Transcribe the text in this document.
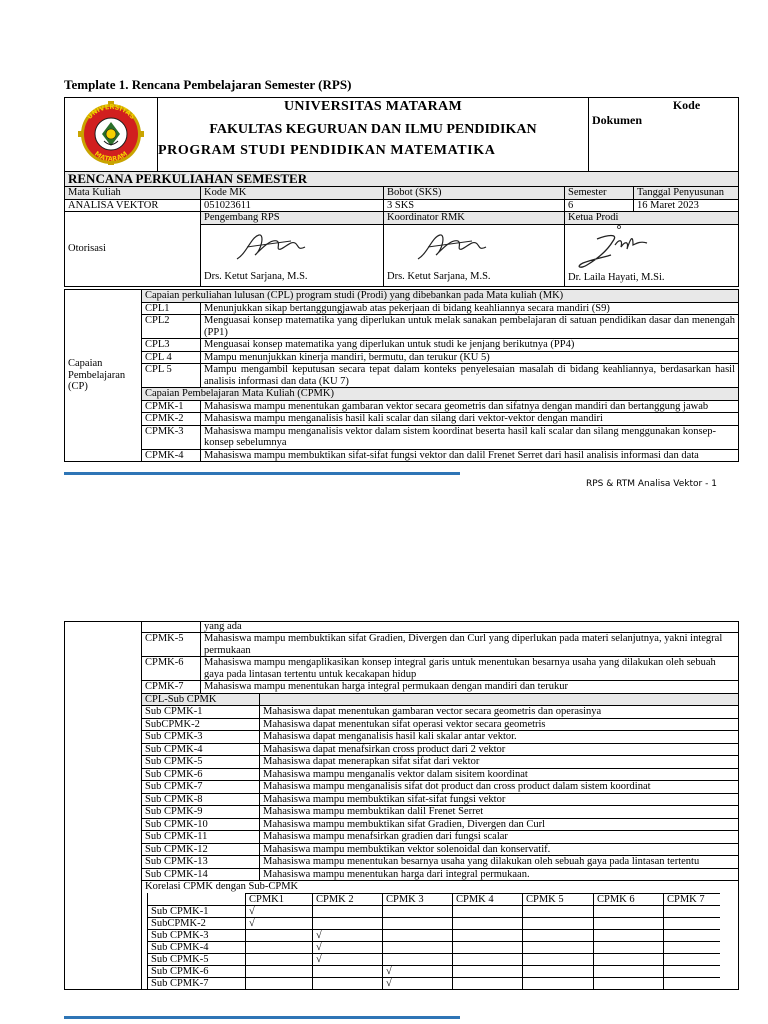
Template 1. Rencana Pembelajaran Semester (RPS)
UNIVERSITAS
MATARAM

UNIVERSITAS MATARAM
FAKULTAS KEGURUAN DAN ILMU PENDIDIKAN
PROGRAM STUDI PENDIDIKAN MATEMATIKA

Kode
Dokumen
RENCANA PERKULIAHAN SEMESTER					
Mata Kuliah	Kode MK	Bobot (SKS)	Semester	Tanggal Penyusunan	
ANALISA VEKTOR	051023611	3 SKS	6	16 Maret 2023	
Otorisasi	Pengembang RPS	Koordinator RMK	Ketua Prodi		

	Drs. Ketut Sarjana, M.S.	Drs. Ketut Sarjana, M.S.	Dr. Laila Hayati, M.Si.		

Capaian
Pembelajaran
(CP)	Capaian perkuliahan lulusan (CPL) program studi (Prodi) yang dibebankan pada Mata kuliah (MK)	
	CPL1	Menunjukkan sikap bertanggungjawab atas pekerjaan di bidang keahliannya secara mandiri (S9)
	CPL2	Menguasai konsep matematika yang diperlukan untuk melak sanakan pembelajaran di satuan pendidikan dasar dan menengah (PP1)
	CPL3	Menguasai konsep matematika yang diperlukan untuk studi ke jenjang berikutnya (PP4)
	CPL 4	Mampu menunjukkan kinerja mandiri, bermutu, dan terukur (KU 5)
	CPL 5	Mampu mengambil keputusan secara tepat dalam konteks penyelesaian masalah di bidang keahliannya, berdasarkan hasil analisis informasi dan data (KU 7)
	Capaian Pembelajaran Mata Kuliah (CPMK)	
	CPMK-1	Mahasiswa mampu menentukan gambaran vektor secara geometris dan sifatnya dengan mandiri dan bertanggung jawab
	CPMK-2	Mahasiswa mampu menganalisis hasil kali scalar dan silang dari vektor-vektor dengan mandiri
	CPMK-3	Mahasiswa mampu menganalisis vektor dalam sistem koordinat beserta hasil kali scalar dan silang menggunakan konsep-konsep sebelumnya
	CPMK-4	Mahasiswa mampu membuktikan sifat-sifat fungsi vektor dan dalil Frenet Serret dari hasil analisis informasi dan data
RPS & RTM Analisa Vektor - 1
		yang ada
CPMK-5	Mahasiswa mampu membuktikan sifat Gradien, Divergen dan Curl yang diperlukan pada materi selanjutnya, yakni integral permukaan
CPMK-6	Mahasiswa mampu mengaplikasikan konsep integral garis untuk menentukan besarnya usaha yang dilakukan oleh sebuah gaya pada lintasan tertentu untuk kecakapan hidup
CPMK-7	Mahasiswa mampu menentukan harga integral permukaan dengan mandiri dan terukur
CPL-Sub CPMK	
Sub CPMK-1	Mahasiswa dapat menentukan gambaran vector secara geometris dan operasinya
SubCPMK-2	Mahasiswa dapat menentukan sifat operasi vektor secara geometris
Sub CPMK-3	Mahasiswa dapat menganalisis hasil kali skalar antar vektor.
Sub CPMK-4	Mahasiswa dapat menafsirkan cross product dari 2 vektor
Sub CPMK-5	Mahasiswa dapat menerapkan sifat sifat dari vektor
Sub CPMK-6	Mahasiswa mampu menganalis vektor dalam sisitem koordinat
Sub CPMK-7	Mahasiswa mampu menganalisis sifat dot product dan cross product dalam sistem koordinat
Sub CPMK-8	Mahasiswa mampu membuktikan sifat-sifat fungsi vektor
Sub CPMK-9	Mahasiswa mampu membuktikan dalil Frenet Serret
Sub CPMK-10	Mahasiswa mampu membuktikan sifat Gradien, Divergen dan Curl
Sub CPMK-11	Mahasiswa mampu menafsirkan gradien dari fungsi scalar
Sub CPMK-12	Mahasiswa mampu membuktikan vektor solenoidal dan konservatif.
Sub CPMK-13	Mahasiswa mampu menentukan besarnya usaha yang dilakukan oleh sebuah gaya pada lintasan tertentu
Sub CPMK-14	Mahasiswa mampu menentukan harga dari integral permukaan.

Korelasi CPMK dengan Sub-CPMK
	CPMK1	CPMK 2	CPMK 3	CPMK 4	CPMK 5	CPMK 6	CPMK 7
Sub CPMK-1	√						
SubCPMK-2	√						
Sub CPMK-3		√					
Sub CPMK-4		√					
Sub CPMK-5		√					
Sub CPMK-6			√				
Sub CPMK-7			√				
